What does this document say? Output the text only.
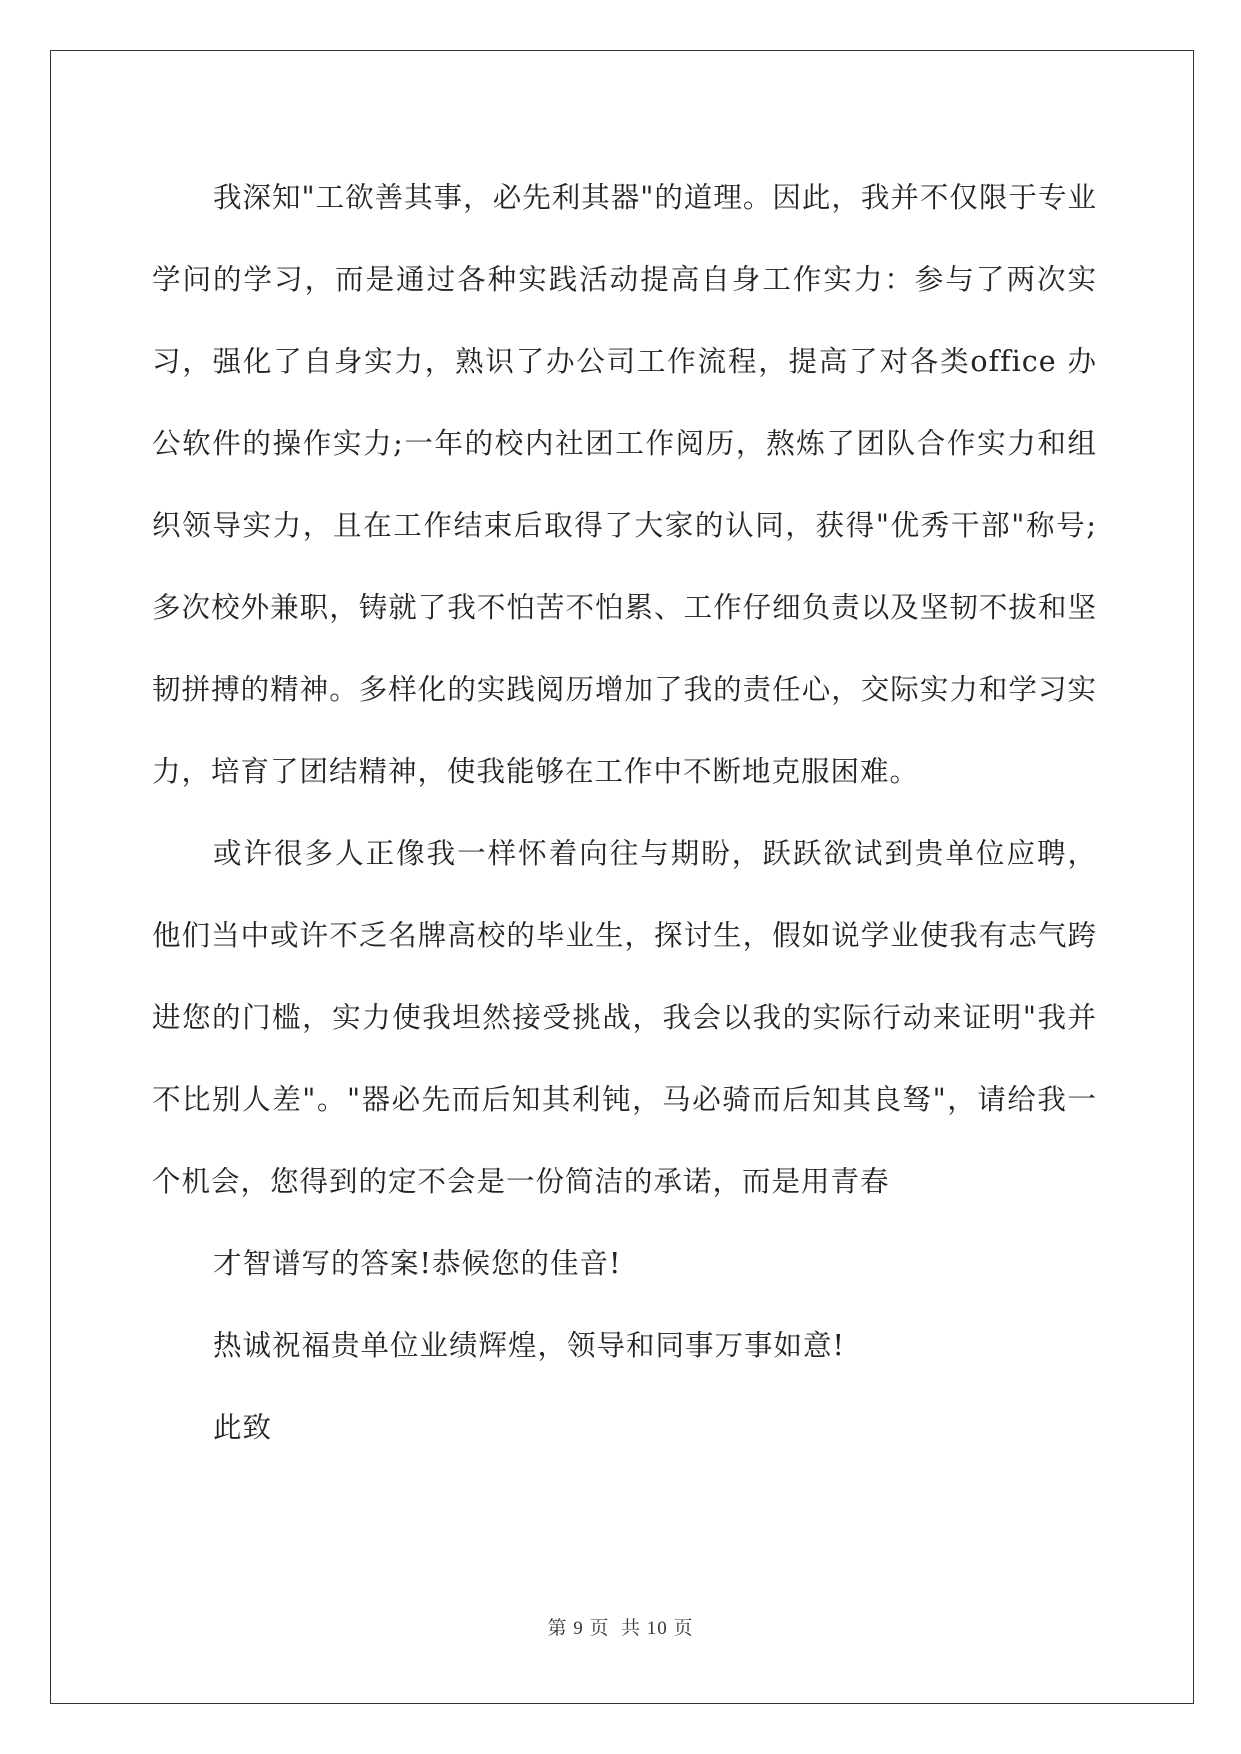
我深知"工欲善其事，必先利其器"的道理。因此，我并不仅限于专业学问的学习，而是通过各种实践活动提高自身工作实力：参与了两次实习，强化了自身实力，熟识了办公司工作流程，提高了对各类office 办公软件的操作实力;一年的校内社团工作阅历，熬炼了团队合作实力和组织领导实力，且在工作结束后取得了大家的认同，获得"优秀干部"称号;多次校外兼职，铸就了我不怕苦不怕累、工作仔细负责以及坚韧不拔和坚韧拼搏的精神。多样化的实践阅历增加了我的责任心，交际实力和学习实力，培育了团结精神，使我能够在工作中不断地克服困难。

或许很多人正像我一样怀着向往与期盼，跃跃欲试到贵单位应聘，他们当中或许不乏名牌高校的毕业生，探讨生，假如说学业使我有志气跨进您的门槛，实力使我坦然接受挑战，我会以我的实际行动来证明"我并不比别人差"。"器必先而后知其利钝，马必骑而后知其良驽"，请给我一个机会，您得到的定不会是一份简洁的承诺，而是用青春

才智谱写的答案!恭候您的佳音!

热诚祝福贵单位业绩辉煌，领导和同事万事如意!

此致

第 9 页  共 10 页
